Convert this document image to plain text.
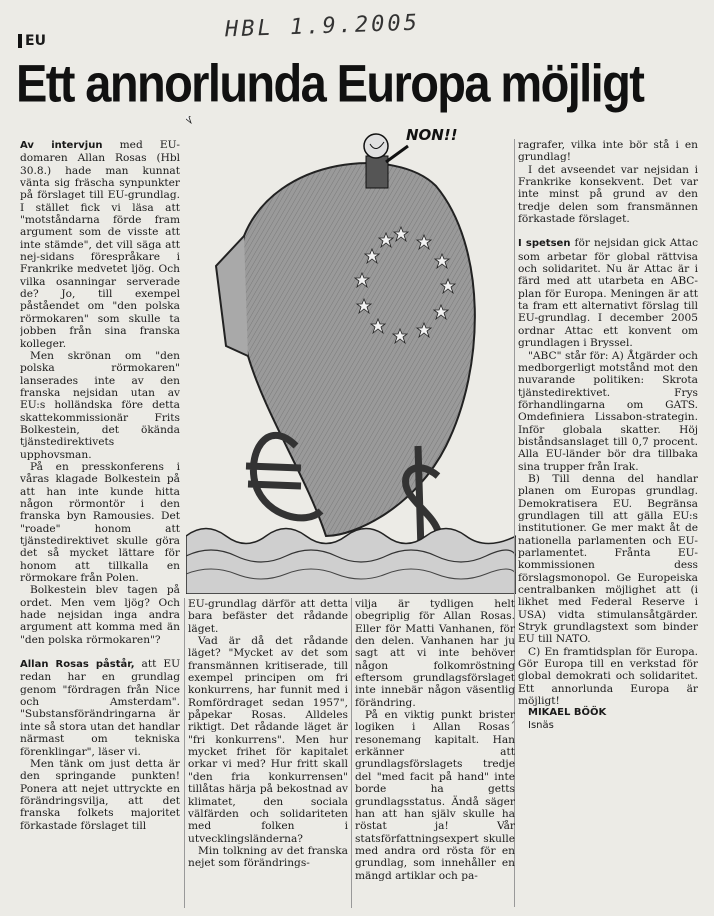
HBL 1.9.2005
EU
Ett annorlunda Europa möjligt

Av intervjun med EU-domaren Allan Rosas (Hbl 30.8.) hade man kunnat vänta sig fräscha synpunkter på förslaget till EU-grundlag. I stället fick vi läsa att "motståndarna förde fram argument som de visste att inte stämde", det vill säga att nej-sidans förespråkare i Frankrike medvetet ljög. Och vilka osanningar serverade de? Jo, till exempel påståendet om "den polska rörmokaren" som skulle ta jobben från sina franska kolleger.

Men skrönan om "den polska rörmokaren" lanserades inte av den franska nejsidan utan av EU:s holländska före detta skattekommissionär Frits Bolkestein, det ökända tjänstedirektivets upphovsman.

På en presskonferens i våras klagade Bolkestein på att han inte kunde hitta någon rörmontör i den franska byn Ramousies. Det "roade" honom att tjänstedirektivet skulle göra det så mycket lättare för honom att tillkalla en rörmokare från Polen.

Bolkestein blev tagen på ordet. Men vem ljög? Och hade nejsidan inga andra argument att komma med än "den polska rörmokaren"?

Allan Rosas påstår, att EU redan har en grundlag genom "fördragen från Nice och Amsterdam". "Substansförändringarna är inte så stora utan det handlar närmast om tekniska förenklingar", läser vi.

Men tänk om just detta är den springande punkten! Ponera att nejet uttryckte en förändringsvilja, att det franska folkets majoritet förkastade förslaget till

NON!!

EU-grundlag därför att detta bara befäster det rådande läget.

Vad är då det rådande läget? "Mycket av det som fransmännen kritiserade, till exempel principen om fri konkurrens, har funnit med i Romfördraget sedan 1957", påpekar Rosas. Alldeles riktigt. Det rådande läget är "fri konkurrens". Men hur mycket frihet för kapitalet orkar vi med? Hur fritt skall "den fria konkurrensen" tillåtas härja på bekostnad av klimatet, den sociala välfärden och solidariteten med folken i utvecklingsländerna?

Min tolkning av det franska nejet som förändrings-

vilja är tydligen helt obegriplig för Allan Rosas. Eller för Matti Vanhanen, för den delen. Vanhanen har ju sagt att vi inte behöver någon folkomröstning eftersom grundlagsförslaget inte innebär någon väsentlig förändring.

På en viktig punkt brister logiken i Allan Rosas´ resonemang kapitalt. Han erkänner att grundlagsförslagets tredje del "med facit på hand" inte borde ha getts grundlagsstatus. Ändå säger han att han själv skulle ha röstat ja! Vår statsförfattningsexpert skulle med andra ord rösta för en grundlag, som innehåller en mängd artiklar och pa-

ragrafer, vilka inte bör stå i en grundlag!

I det avseendet var nejsidan i Frankrike konsekvent. Det var inte minst på grund av den tredje delen som fransmännen förkastade förslaget.

I spetsen för nejsidan gick Attac som arbetar för global rättvisa och solidaritet. Nu är Attac är i färd med att utarbeta en ABC-plan för Europa. Meningen är att ta fram ett alternativt förslag till EU-grundlag. I december 2005 ordnar Attac ett konvent om grundlagen i Bryssel.

"ABC" står för: A) Åtgärder och medborgerligt motstånd mot den nuvarande politiken: Skrota tjänstedirektivet. Frys förhandlingarna om GATS. Omdefiniera Lissabon-strategin. Inför globala skatter. Höj biståndsanslaget till 0,7 procent. Alla EU-länder bör dra tillbaka sina trupper från Irak.

B) Till denna del handlar planen om Europas grundlag. Demokratisera EU. Begränsa grundlagen till att gälla EU:s institutioner. Ge mer makt åt de nationella parlamenten och EU-parlamentet. Fråntа EU-kommissionen dess förslagsmonopol. Ge Europeiska centralbanken möjlighet att (i likhet med Federal Reserve i USA) vidta stimulansåtgärder. Stryk grundlagstext som binder EU till NATO.

C) En framtidsplan för Europa. Gör Europa till en verkstad för global demokrati och solidaritet. Ett annorlunda Europa är möjligt!

MIKAEL BÖÖK

Isnäs
